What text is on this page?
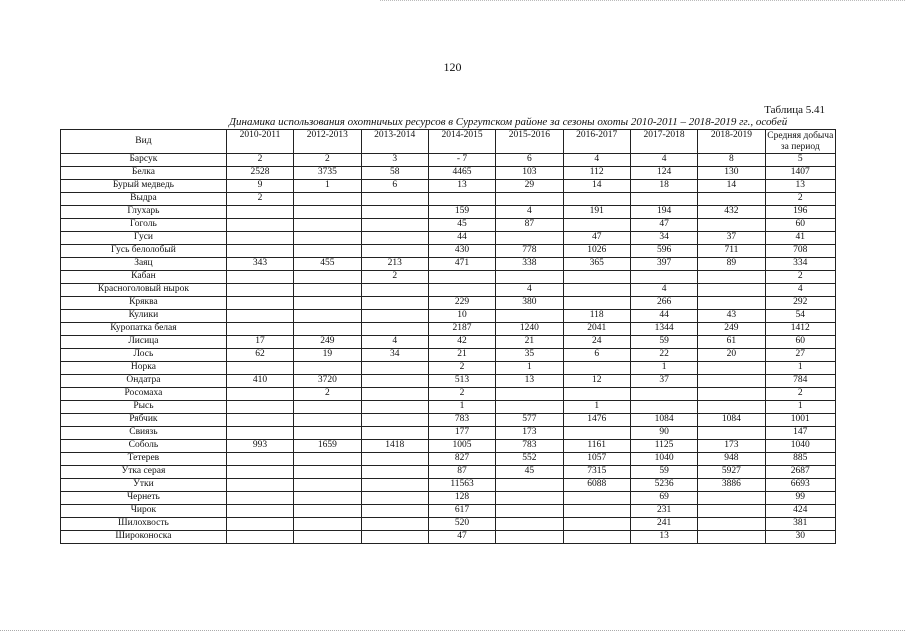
120
Таблица 5.41
Динамика использования охотничьих ресурсов в Сургутском районе за сезоны охоты 2010-2011 – 2018-2019 гг., особей
Вид	2010-2011	2012-2013	2013-2014	2014-2015	2015-2016	2016-2017	2017-2018	2018-2019	Средняя добыча за период
Барсук	2	2	3	- 7	6	4	4	8	5
Белка	2528	3735	58	4465	103	112	124	130	1407
Бурый медведь	9	1	6	13	29	14	18	14	13
Выдра	2								2
Глухарь				159	4	191	194	432	196
Гоголь				45	87		47		60
Гуси				44		47	34	37	41
Гусь белолобый				430	778	1026	596	711	708
Заяц	343	455	213	471	338	365	397	89	334
Кабан			2						2
Красноголовый нырок					4		4		4
Кряква				229	380		266		292
Кулики				10		118	44	43	54
Куропатка белая				2187	1240	2041	1344	249	1412
Лисица	17	249	4	42	21	24	59	61	60
Лось	62	19	34	21	35	6	22	20	27
Норка				2	1		1		1
Ондатра	410	3720		513	13	12	37		784
Росомаха		2		2					2
Рысь				1		1			1
Рябчик				783	577	1476	1084	1084	1001
Свиязь				177	173		90		147
Соболь	993	1659	1418	1005	783	1161	1125	173	1040
Тетерев				827	552	1057	1040	948	885
Утка серая				87	45	7315	59	5927	2687
Утки				11563		6088	5236	3886	6693
Чернеть				128			69		99
Чирок				617			231		424
Шилохвость				520			241		381
Широконоска				47			13		30
